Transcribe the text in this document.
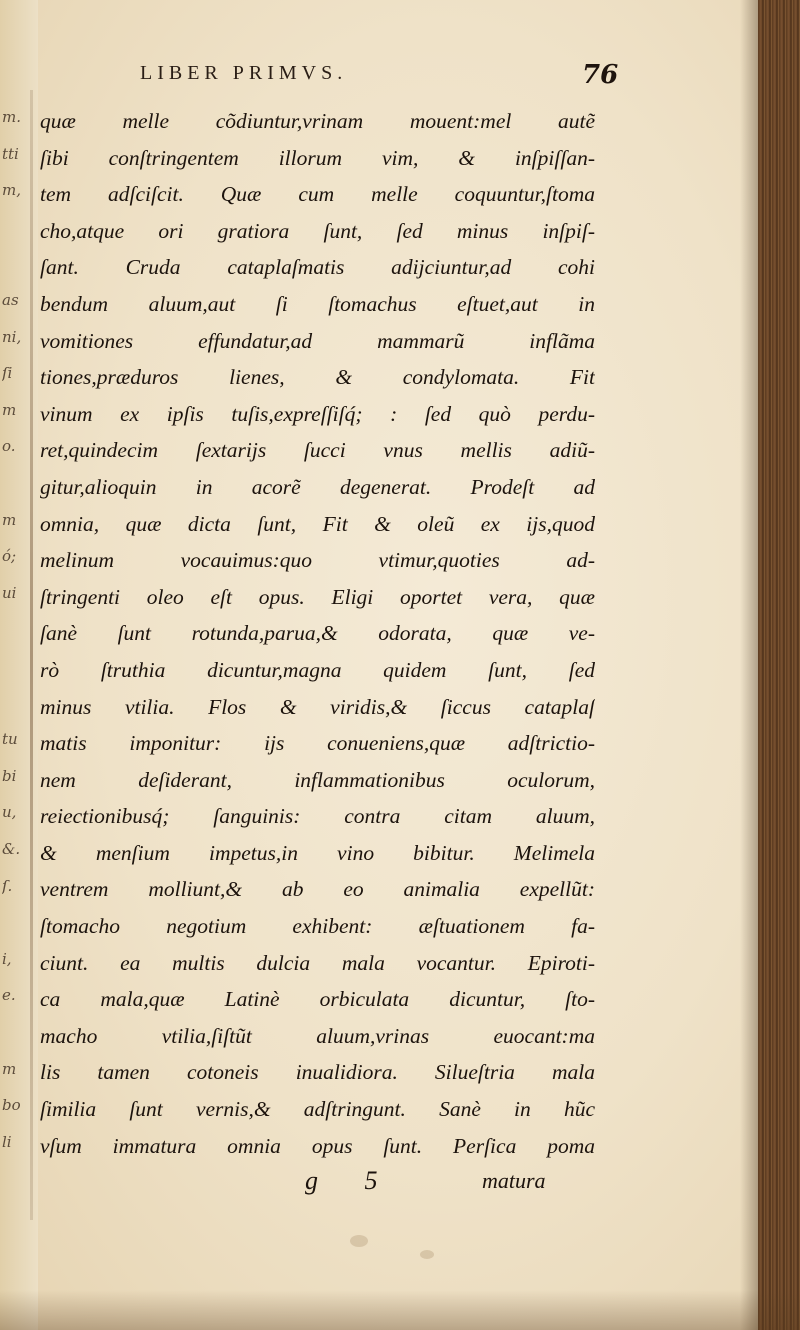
m.
tti
m,
as
ni,
ſi
m
o.
m
ó;
ui
tu
bi
u,
&.
ſ.
i,
e.
m
bo
li
LIBER PRIMVS.	76
quæ melle cõdiuntur,vrinam mouent:mel autẽ
ſibi conſtringentem illorum vim, & inſpiſſan-
tem adſciſcit. Quæ cum melle coquuntur,ſtoma
cho,atque ori gratiora ſunt, ſed minus inſpiſ-
ſant. Cruda cataplaſmatis adijciuntur,ad cohi
bendum aluum,aut ſi ſtomachus eſtuet,aut in
vomitiones effundatur,ad mammarũ inflãma
tiones,præduros lienes, & condylomata. Fit
vinum ex ipſis tuſis,expreſſiſq́; : ſed quò perdu-
ret,quindecim ſextarijs ſucci vnus mellis adiũ-
gitur,alioquin in acorẽ degenerat. Prodeſt ad
omnia, quæ dicta ſunt, Fit & oleũ ex ijs,quod
melinum vocauimus:quo vtimur,quoties ad-
ſtringenti oleo eſt opus. Eligi oportet vera, quæ
ſanè ſunt rotunda,parua,& odorata, quæ ve-
rò ſtruthia dicuntur,magna quidem ſunt, ſed
minus vtilia. Flos & viridis,& ſiccus cataplaſ
matis imponitur: ijs conueniens,quæ adſtrictio-
nem deſiderant, inflammationibus oculorum,
reiectionibusq́; ſanguinis: contra citam aluum,
& menſium impetus,in vino bibitur. Melimela
ventrem molliunt,& ab eo animalia expellũt:
ſtomacho negotium exhibent: æſtuationem fa-
ciunt. ea multis dulcia mala vocantur. Epiroti-
ca mala,quæ Latinè orbiculata dicuntur, ſto-
macho vtilia,ſiſtũt aluum,vrinas euocant:ma
lis tamen cotoneis inualidiora. Silueſtria mala
ſimilia ſunt vernis,& adſtringunt. Sanè in hũc
vſum immatura omnia opus ſunt. Perſica poma
g 5	matura
